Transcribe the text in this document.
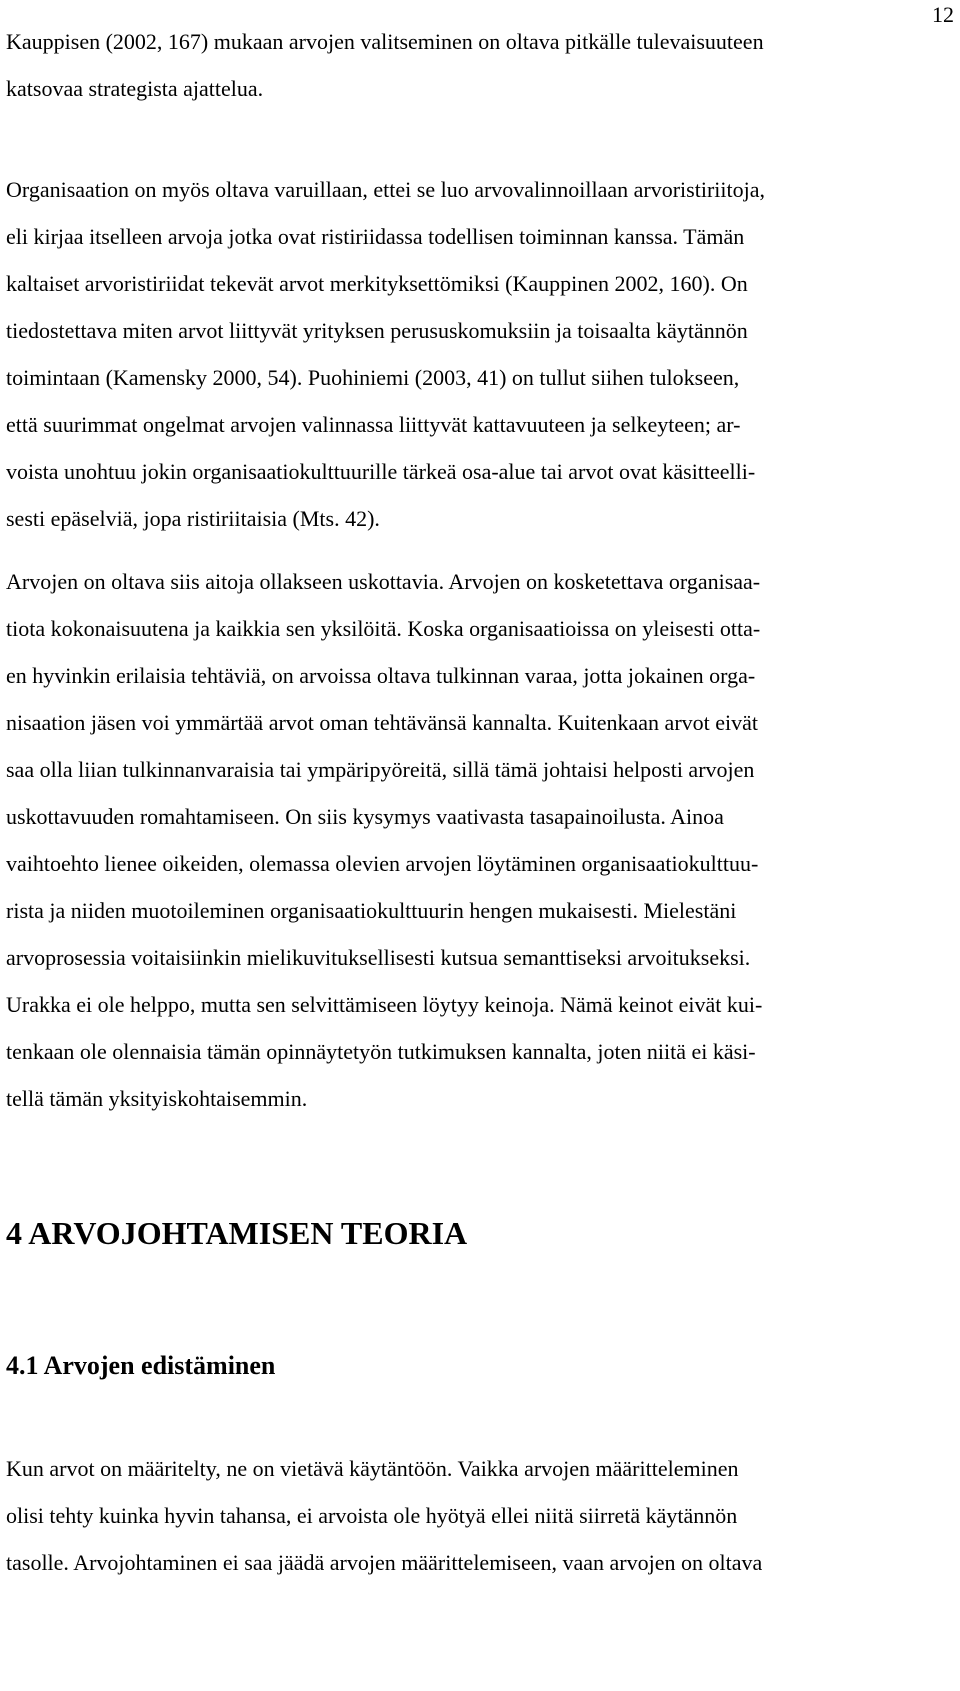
12

Kauppisen (2002, 167) mukaan arvojen valitseminen on oltava pitkälle tulevaisuuteen
katsovaa strategista ajattelua.

Organisaation on myös oltava varuillaan, ettei se luo arvovalinnoillaan arvoristiriitoja,
eli kirjaa itselleen arvoja jotka ovat ristiriidassa todellisen toiminnan kanssa. Tämän
kaltaiset arvoristiriidat tekevät arvot merkityksettömiksi (Kauppinen 2002, 160). On
tiedostettava miten arvot liittyvät yrityksen perususkomuksiin ja toisaalta käytännön
toimintaan (Kamensky 2000, 54). Puohiniemi (2003, 41) on tullut siihen tulokseen,
että suurimmat ongelmat arvojen valinnassa liittyvät kattavuuteen ja selkeyteen; ar-
voista unohtuu jokin organisaatiokulttuurille tärkeä osa-alue tai arvot ovat käsitteelli-
sesti epäselviä, jopa ristiriitaisia (Mts. 42).

Arvojen on oltava siis aitoja ollakseen uskottavia. Arvojen on kosketettava organisaa-
tiota kokonaisuutena ja kaikkia sen yksilöitä. Koska organisaatioissa on yleisesti otta-
en hyvinkin erilaisia tehtäviä, on arvoissa oltava tulkinnan varaa, jotta jokainen orga-
nisaation jäsen voi ymmärtää arvot oman tehtävänsä kannalta. Kuitenkaan arvot eivät
saa olla liian tulkinnanvaraisia tai ympäripyöreitä, sillä tämä johtaisi helposti arvojen
uskottavuuden romahtamiseen. On siis kysymys vaativasta tasapainoilusta. Ainoa
vaihtoehto lienee oikeiden, olemassa olevien arvojen löytäminen organisaatiokulttuu-
rista ja niiden muotoileminen organisaatiokulttuurin hengen mukaisesti. Mielestäni
arvoprosessia voitaisiinkin mielikuvituksellisesti kutsua semanttiseksi arvoitukseksi.
Urakka ei ole helppo, mutta sen selvittämiseen löytyy keinoja. Nämä keinot eivät kui-
tenkaan ole olennaisia tämän opinnäytetyön tutkimuksen kannalta, joten niitä ei käsi-
tellä tämän yksityiskohtaisemmin.

4 ARVOJOHTAMISEN TEORIA
4.1 Arvojen edistäminen

Kun arvot on määritelty, ne on vietävä käytäntöön. Vaikka arvojen määritteleminen
olisi tehty kuinka hyvin tahansa, ei arvoista ole hyötyä ellei niitä siirretä käytännön
tasolle. Arvojohtaminen ei saa jäädä arvojen määrittelemiseen, vaan arvojen on oltava
